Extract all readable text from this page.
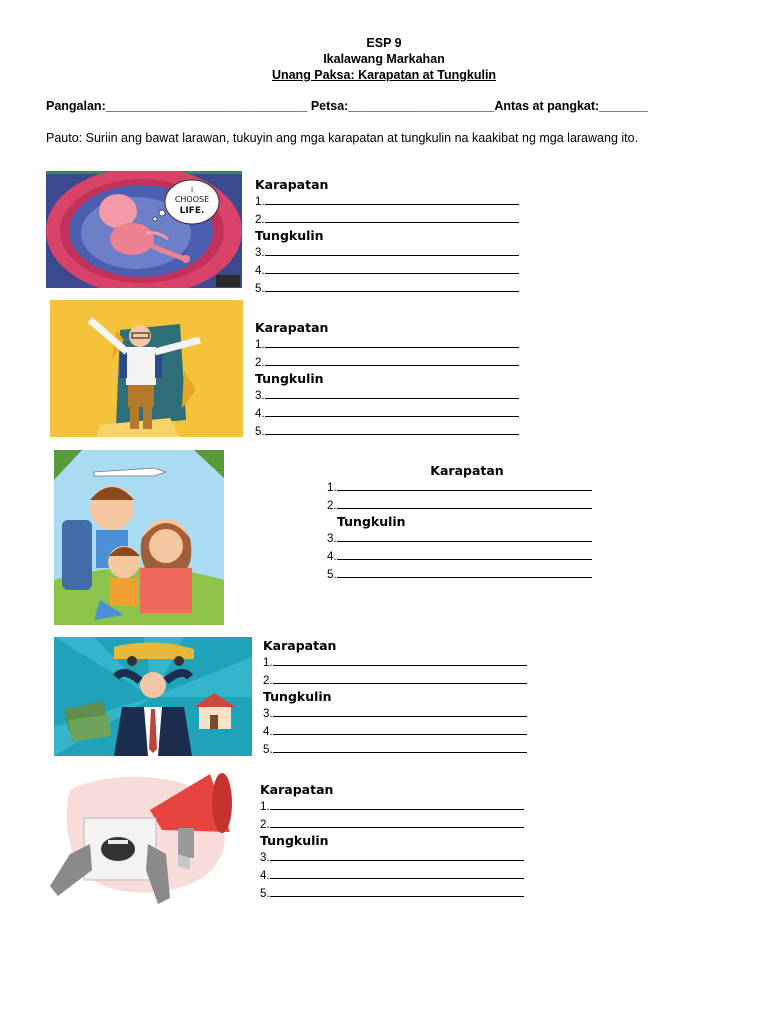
ESP 9
Ikalawang Markahan
Unang Paksa: Karapatan at Tungkulin
Pangalan:_____________________________ Petsa:_____________________Antas at pangkat:_______
Pauto: Suriin ang bawat larawan, tukuyin ang mga karapatan at tungkulin na kaakibat ng mga larawang ito.
I
CHOOSE
LIFE.
Karapatan
1.
2.
Tungkulin
3.
4.
5.
Karapatan
1.
2.
Tungkulin
3.
4.
5.
Karapatan
1.
2.
Tungkulin
3.
4.
5.
Karapatan
1.
2.
Tungkulin
3.
4.
5.
Karapatan
1.
2.
Tungkulin
3.
4.
5.
